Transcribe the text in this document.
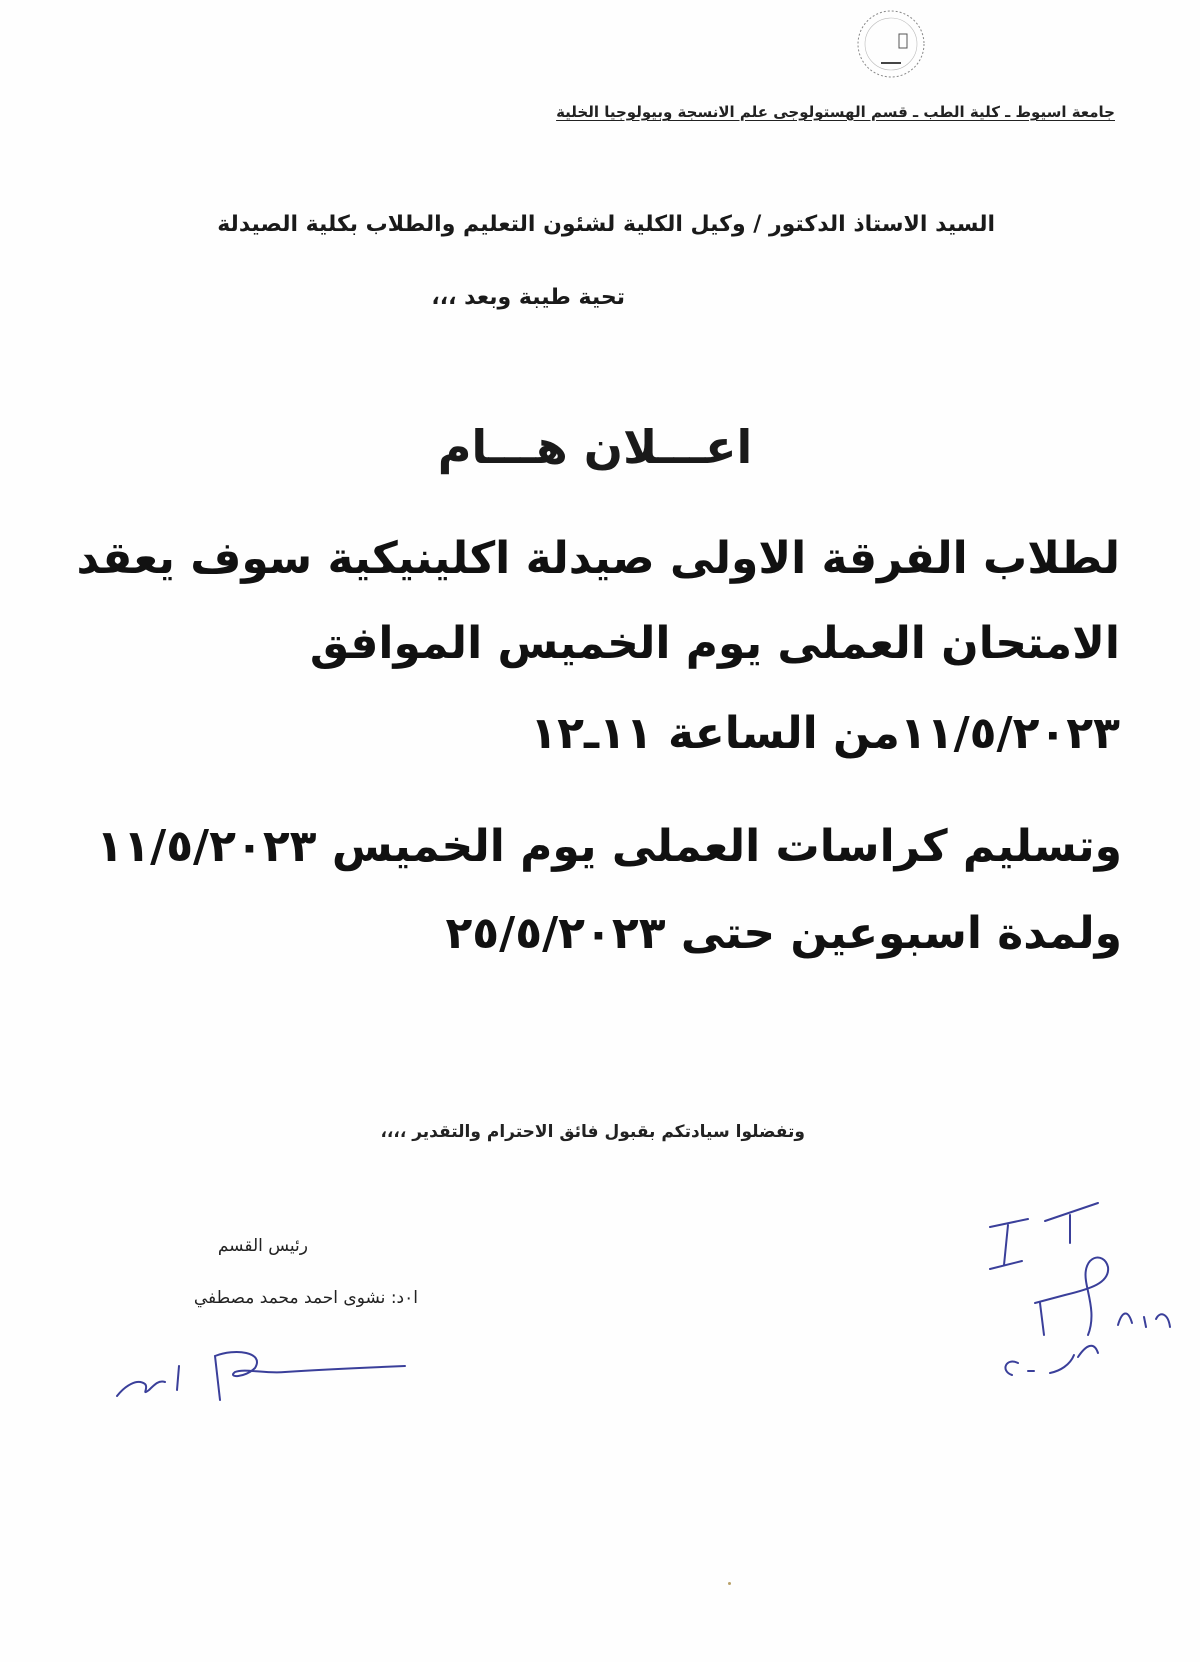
جامعة اسيوط ـ كلية الطب ـ قسم الهستولوجى علم الانسجة وبيولوجيا الخلية
السيد الاستاذ الدكتور / وكيل الكلية لشئون التعليم والطلاب بكلية الصيدلة
تحية طيبة وبعد ،،،
اعـــلان هـــام
لطلاب الفرقة الاولى صيدلة اكلينيكية سوف يعقد
الامتحان العملى يوم الخميس الموافق
١١/٥/٢٠٢٣من الساعة ١١ـ١٢
وتسليم كراسات العملى يوم الخميس ١١/٥/٢٠٢٣
ولمدة اسبوعين حتى ٢٥/٥/٢٠٢٣
وتفضلوا سيادتكم بقبول فائق الاحترام والتقدير ،،،،
رئيس القسم
ا٠د: نشوى احمد محمد مصطفي
